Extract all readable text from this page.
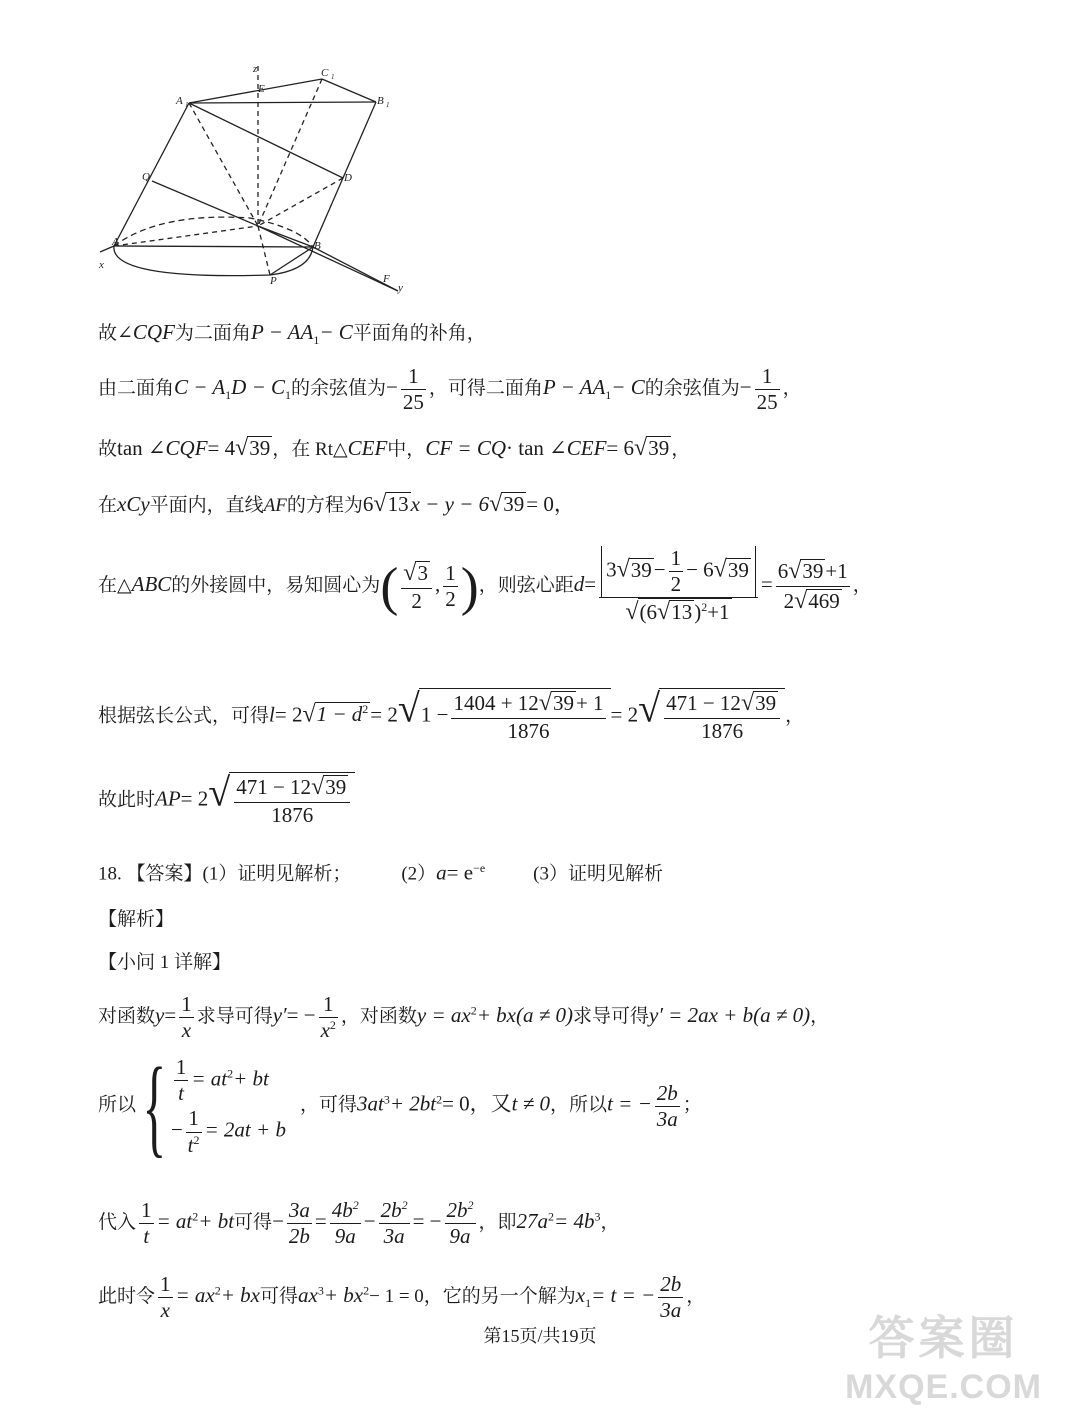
z
E
C 1
A 1	B 1
Q	D
A	B
x
P	F
y
故∠CQF为二面角$P - AA_1- C$平面角的补角，
由二面角$C - A_1D - C_1$的余弦值为− $\frac{1}{25}$ ，可得二面角$P - AA_1- C$的余弦值为− $\frac{1}{25}$ ，
故tan ∠CQF= 4√39 ，在 Rt△CEF中，CF = CQ· tan ∠CEF= 6√39 ，
在xCy平面内，直线AF的方程为6√13x − y − 6√39= 0，
在△ABC的外接圆中，易知圆心为( $\frac{√3}{2}$ , $\frac{1}{2}$ )，则弦心距$d= \frac{3√39- \frac{1}{2} - 6√39}{√(6√13)^2+1} = \frac{6√39+1}{2√469}$ ，
根据弦长公式，可得$l= 2√1 - d^2= 2√1 - \frac{1404 + 12√39+ 1}{1876} = 2√ \frac{471 - 12√39}{1876}$ ，
故此时$AP= 2√ \frac{471 - 12√39}{1876}$
18. 【答案】(1）证明见解析；	$(2)a= e^{-e}$	(3）证明见解析
【解析】
【小问 1 详解】
对函数$y= \frac{1}{x}$ 求导可得$y'= - \frac{1}{x^2}$ ，对函数$y = ax^2+ bx(a \ne 0)$求导可得y′ = 2ax + b(a ≠ 0)，
所以{ $\frac{1}{t} = at^2+$ bt
− $\frac{1}{t^2} = 2at + b$
，可得$3at^3+ 2bt^2= 0$，又t ≠ 0，所以t = − $\frac{2b}{3a}$ ；
代入 $\frac{1}{t} = at^2+$ bt可得− $\frac{3a}{2b} = \frac{4b^2}{9a} - \frac{2b^2}{3a}$ = − $\frac{2b^2}{9a}$ ，即$27a^2= 4b^3$，
此时令 $\frac{1}{x} = ax^2+$ bx可得$ax^3+ bx^2- 1 = 0$，它的另一个解为$x_1= t$ = − $\frac{2b}{3a}$ ，
第15页/共19页	答案圈
MXQE.COM
